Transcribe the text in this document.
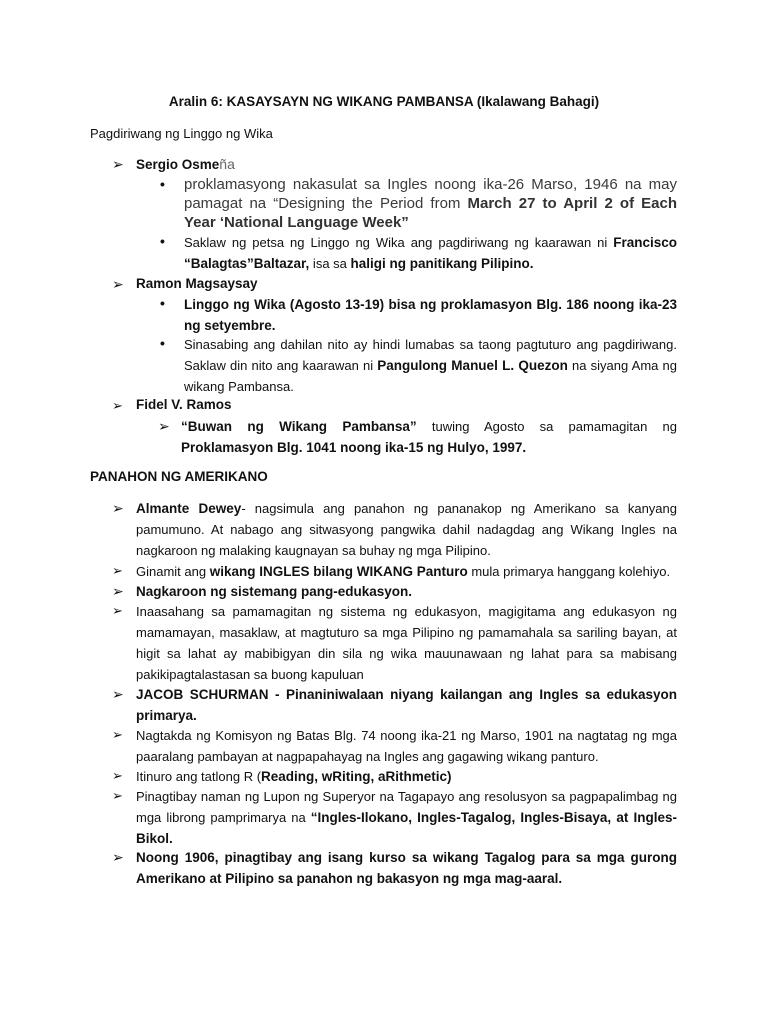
Aralin 6: KASAYSAYN NG WIKANG PAMBANSA (Ikalawang Bahagi)
Pagdiriwang ng Linggo ng Wika
➢ Sergio Osmeña
• proklamasyong nakasulat sa Ingles noong ika-26 Marso, 1946 na may pamagat na “Designing the Period from March 27 to April 2 of Each Year ‘National Language Week”
• Saklaw ng petsa ng Linggo ng Wika ang pagdiriwang ng kaarawan ni Francisco “Balagtas”Baltazar, isa sa haligi ng panitikang Pilipino.
➢ Ramon Magsaysay
• Linggo ng Wika (Agosto 13-19) bisa ng proklamasyon Blg. 186 noong ika-23 ng setyembre.
• Sinasabing ang dahilan nito ay hindi lumabas sa taong pagtuturo ang pagdiriwang. Saklaw din nito ang kaarawan ni Pangulong Manuel L. Quezon na siyang Ama ng wikang Pambansa.
➢ Fidel V. Ramos
➢ “Buwan ng Wikang Pambansa” tuwing Agosto sa pamamagitan ng Proklamasyon Blg. 1041 noong ika-15 ng Hulyo, 1997.
PANAHON NG AMERIKANO
➢ Almante Dewey- nagsimula ang panahon ng pananakop ng Amerikano sa kanyang pamumuno. At nabago ang sitwasyong pangwika dahil nadagdag ang Wikang Ingles na nagkaroon ng malaking kaugnayan sa buhay ng mga Pilipino.
➢ Ginamit ang wikang INGLES bilang WIKANG Panturo mula primarya hanggang kolehiyo.
➢ Nagkaroon ng sistemang pang-edukasyon.
➢ Inaasahang sa pamamagitan ng sistema ng edukasyon, magigitama ang edukasyon ng mamamayan, masaklaw, at magtuturo sa mga Pilipino ng pamamahala sa sariling bayan, at higit sa lahat ay mabibigyan din sila ng wika mauunawaan ng lahat para sa mabisang pakikipagtalastasan sa buong kapuluan
➢ JACOB SCHURMAN - Pinaniniwalaan niyang kailangan ang Ingles sa edukasyon primarya.
➢ Nagtakda ng Komisyon ng Batas Blg. 74 noong ika-21 ng Marso, 1901 na nagtatag ng mga paaralang pambayan at nagpapahayag na Ingles ang gagawing wikang panturo.
➢ Itinuro ang tatlong R (Reading, wRiting, aRithmetic)
➢ Pinagtibay naman ng Lupon ng Superyor na Tagapayo ang resolusyon sa pagpapalimbag ng mga librong pamprimarya na “Ingles-Ilokano, Ingles-Tagalog, Ingles-Bisaya, at Ingles-Bikol.
➢ Noong 1906, pinagtibay ang isang kurso sa wikang Tagalog para sa mga gurong Amerikano at Pilipino sa panahon ng bakasyon ng mga mag-aaral.
